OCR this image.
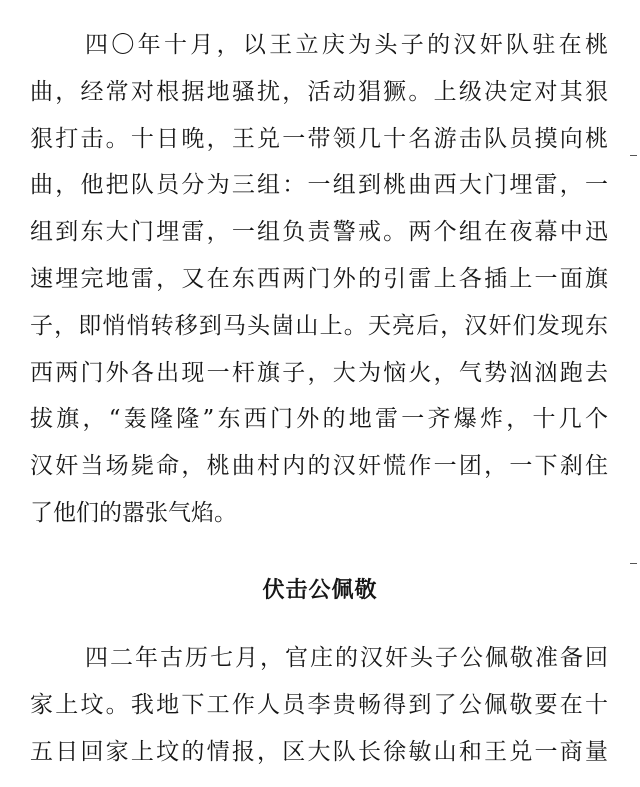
四〇年十月，以王立庆为头子的汉奸队驻在桃
曲，经常对根据地骚扰，活动猖獗。上级决定对其狠
狠打击。十日晚，王兑一带领几十名游击队员摸向桃
曲，他把队员分为三组：一组到桃曲西大门埋雷，一
组到东大门埋雷，一组负责警戒。两个组在夜幕中迅
速埋完地雷，又在东西两门外的引雷上各插上一面旗
子，即悄悄转移到马头崮山上。天亮后，汉奸们发现东
西两门外各出现一杆旗子，大为恼火，气势汹汹跑去
拔旗，“轰隆隆”东西门外的地雷一齐爆炸，十几个
汉奸当场毙命，桃曲村内的汉奸慌作一团，一下刹住
了他们的嚣张气焰。
伏击公佩敬
四二年古历七月，官庄的汉奸头子公佩敬准备回
家上坟。我地下工作人员李贵畅得到了公佩敬要在十
五日回家上坟的情报，区大队长徐敏山和王兑一商量
